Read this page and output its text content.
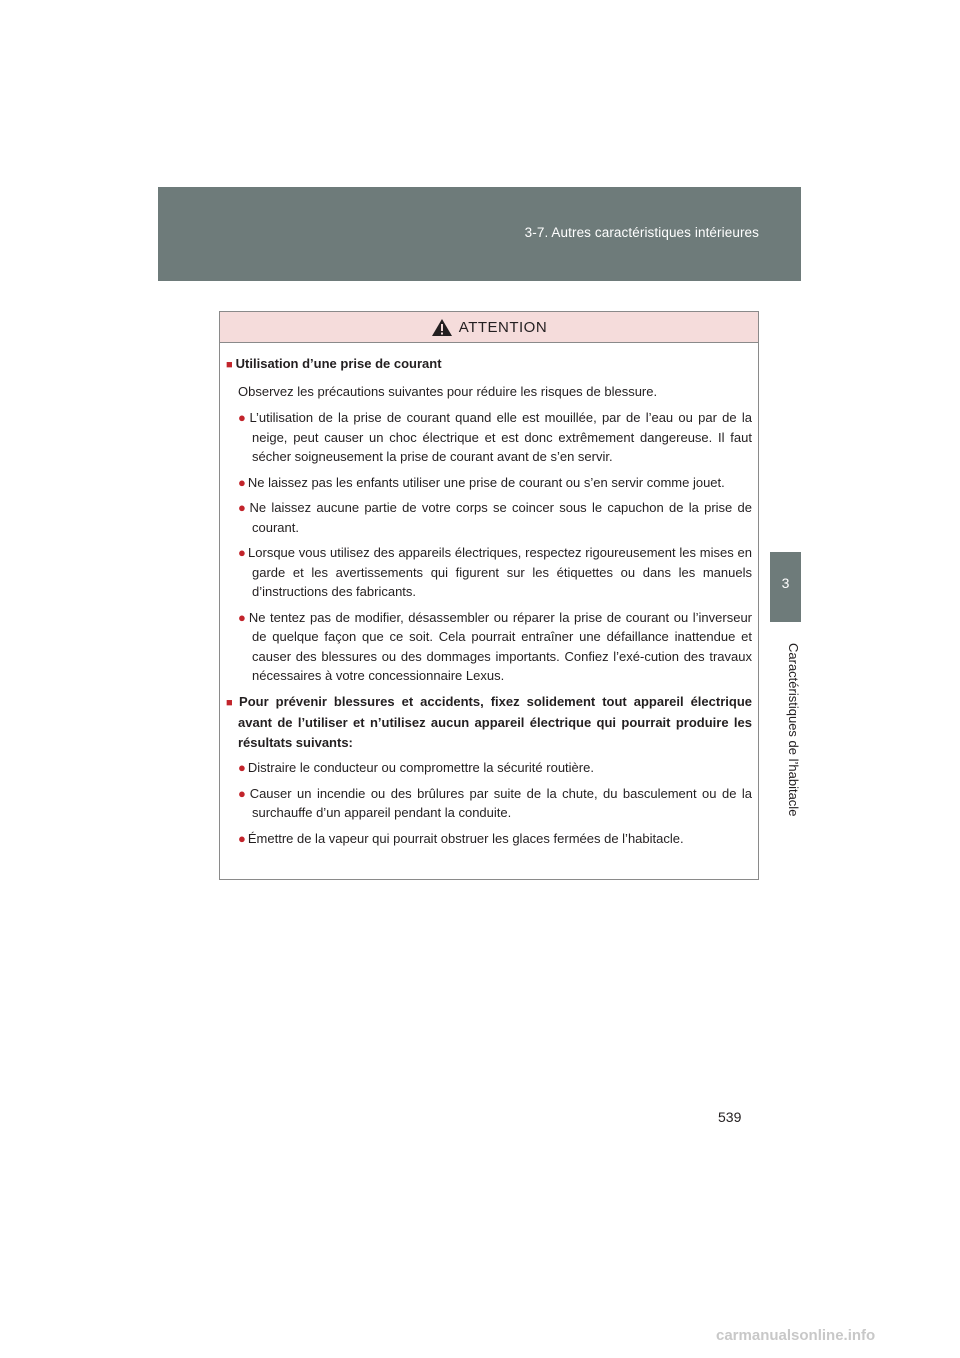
3-7. Autres caractéristiques intérieures
3
Caractéristiques de l’habitacle
ATTENTION

■ Utilisation d’une prise de courant

Observez les précautions suivantes pour réduire les risques de blessure.

● L’utilisation de la prise de courant quand elle est mouillée, par de l’eau ou par de la neige, peut causer un choc électrique et est donc extrêmement dangereuse. Il faut sécher soigneusement la prise de courant avant de s’en servir.

● Ne laissez pas les enfants utiliser une prise de courant ou s’en servir comme jouet.

● Ne laissez aucune partie de votre corps se coincer sous le capuchon de la prise de courant.

● Lorsque vous utilisez des appareils électriques, respectez rigoureusement les mises en garde et les avertissements qui figurent sur les étiquettes ou dans les manuels d’instructions des fabricants.

● Ne tentez pas de modifier, désassembler ou réparer la prise de courant ou l’inverseur de quelque façon que ce soit. Cela pourrait entraîner une défaillance inattendue et causer des blessures ou des dommages importants. Confiez l’exé-cution des travaux nécessaires à votre concessionnaire Lexus.

■ Pour prévenir blessures et accidents, fixez solidement tout appareil électrique avant de l’utiliser et n’utilisez aucun appareil électrique qui pourrait produire les résultats suivants:

● Distraire le conducteur ou compromettre la sécurité routière.

● Causer un incendie ou des brûlures par suite de la chute, du basculement ou de la surchauffe d’un appareil pendant la conduite.

● Émettre de la vapeur qui pourrait obstruer les glaces fermées de l’habitacle.

539
carmanualsonline.info
